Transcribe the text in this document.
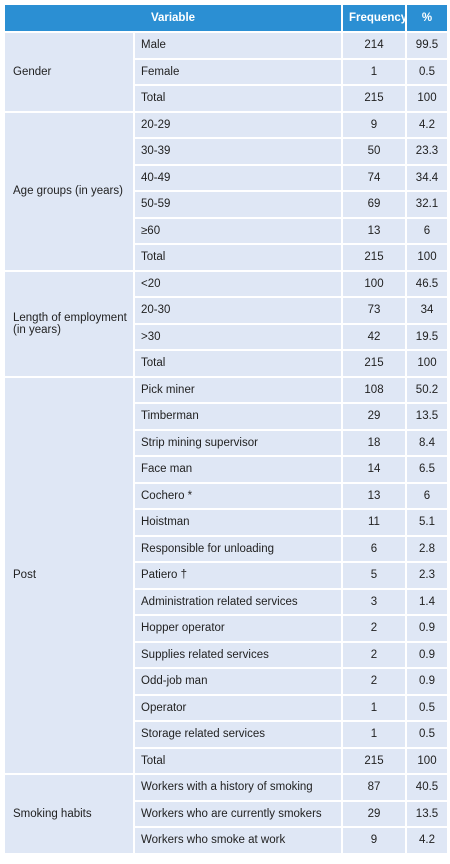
Variable		Frequency	%
Gender	Male	214	99.5
	Female	1	0.5
	Total	215	100
Age groups (in years)	20-29	9	4.2
	30-39	50	23.3
	40-49	74	34.4
	50-59	69	32.1
	≥60	13	6
	Total	215	100
Length of employment (in years)	<20	100	46.5
	20-30	73	34
	>30	42	19.5
	Total	215	100
Post	Pick miner	108	50.2
	Timberman	29	13.5
	Strip mining supervisor	18	8.4
	Face man	14	6.5
	Cochero *	13	6
	Hoistman	11	5.1
	Responsible for unloading	6	2.8
	Patiero †	5	2.3
	Administration related services	3	1.4
	Hopper operator	2	0.9
	Supplies related services	2	0.9
	Odd-job man	2	0.9
	Operator	1	0.5
	Storage related services	1	0.5
	Total	215	100
Smoking habits	Workers with a history of smoking	87	40.5
	Workers who are currently smokers	29	13.5
	Workers who smoke at work	9	4.2
